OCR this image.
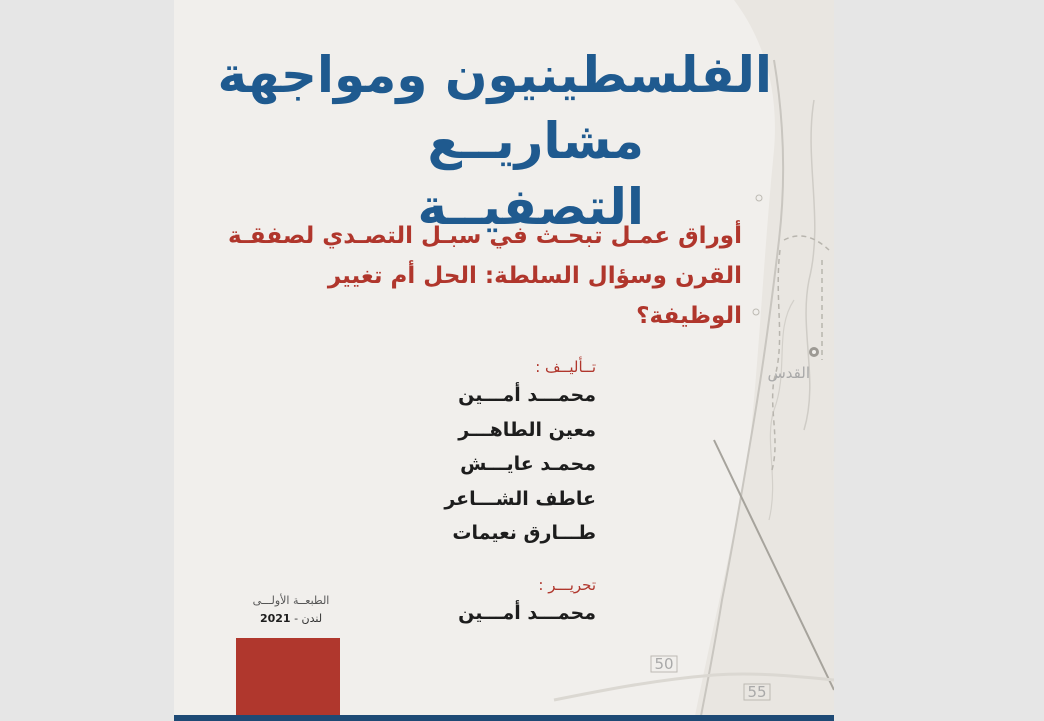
القدس
50
55
الفلسطينيون ومواجهة

مشاريــع التصفيــة
أوراق عمـل تبحـث في سبـل التصـدي لصفقـة
القرن وسؤال السلطة: الحل أم تغيير الوظيفة؟
تــأليــف :
محمـــد أمـــين
معين الطاهـــر
محمـد عايـــش
عاطف الشـــاعر
طـــارق نعيمات
تحريـــر :
محمـــد أمـــين
الطبعــة الأولـــى
لندن - 2021
